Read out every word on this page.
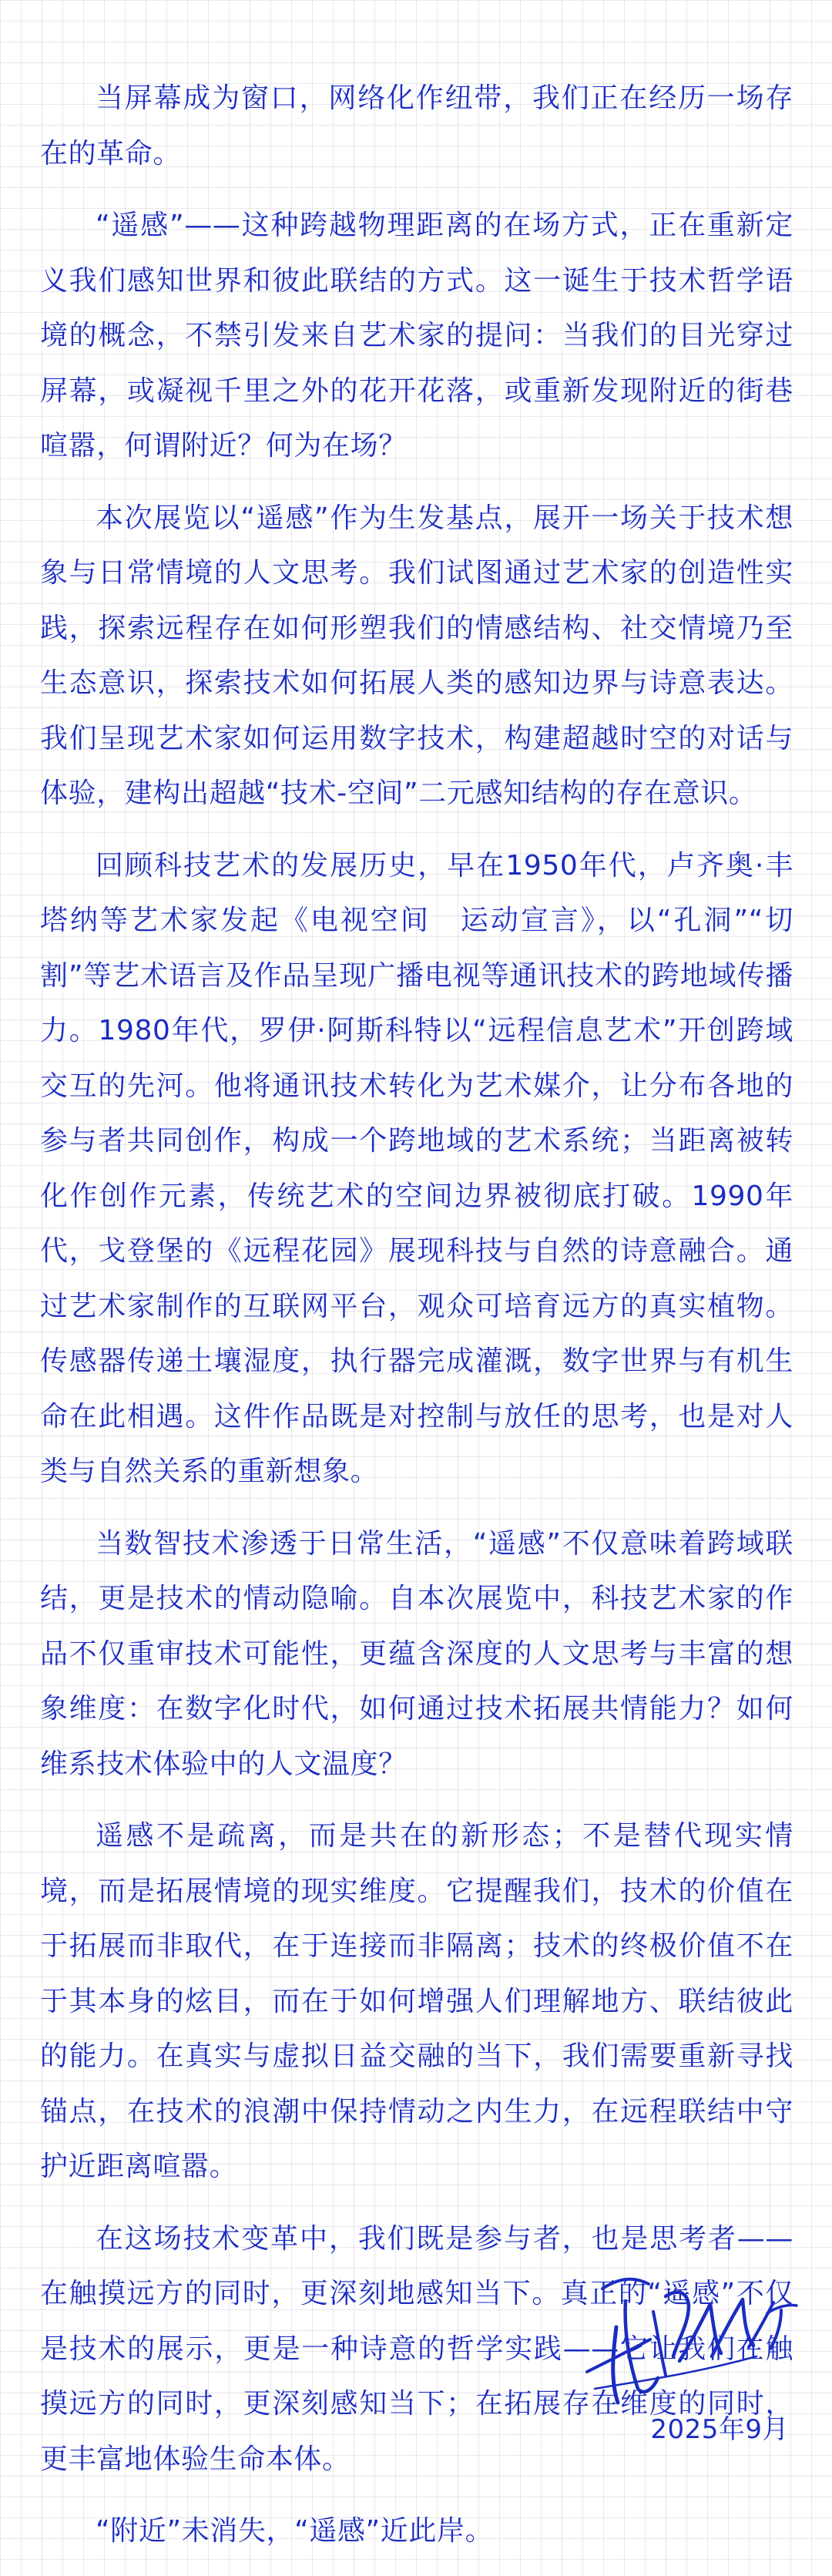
当屏幕成为窗口，网络化作纽带，我们正在经历一场存在的革命。

“遥感”——这种跨越物理距离的在场方式，正在重新定义我们感知世界和彼此联结的方式。这一诞生于技术哲学语境的概念，不禁引发来自艺术家的提问：当我们的目光穿过屏幕，或凝视千里之外的花开花落，或重新发现附近的街巷喧嚣，何谓附近？何为在场？

本次展览以“遥感”作为生发基点，展开一场关于技术想象与日常情境的人文思考。我们试图通过艺术家的创造性实践，探索远程存在如何形塑我们的情感结构、社交情境乃至生态意识，探索技术如何拓展人类的感知边界与诗意表达。我们呈现艺术家如何运用数字技术，构建超越时空的对话与体验，建构出超越“技术-空间”二元感知结构的存在意识。

回顾科技艺术的发展历史，早在1950年代，卢齐奥·丰塔纳等艺术家发起《电视空间　运动宣言》，以“孔洞”“切割”等艺术语言及作品呈现广播电视等通讯技术的跨地域传播力。1980年代，罗伊·阿斯科特以“远程信息艺术”开创跨域交互的先河。他将通讯技术转化为艺术媒介，让分布各地的参与者共同创作，构成一个跨地域的艺术系统；当距离被转化作创作元素，传统艺术的空间边界被彻底打破。1990年代，戈登堡的《远程花园》展现科技与自然的诗意融合。通过艺术家制作的互联网平台，观众可培育远方的真实植物。传感器传递土壤湿度，执行器完成灌溉，数字世界与有机生命在此相遇。这件作品既是对控制与放任的思考，也是对人类与自然关系的重新想象。

当数智技术渗透于日常生活，“遥感”不仅意味着跨域联结，更是技术的情动隐喻。自本次展览中，科技艺术家的作品不仅重审技术可能性，更蕴含深度的人文思考与丰富的想象维度：在数字化时代，如何通过技术拓展共情能力？如何维系技术体验中的人文温度？

遥感不是疏离，而是共在的新形态；不是替代现实情境，而是拓展情境的现实维度。它提醒我们，技术的价值在于拓展而非取代，在于连接而非隔离；技术的终极价值不在于其本身的炫目，而在于如何增强人们理解地方、联结彼此的能力。在真实与虚拟日益交融的当下，我们需要重新寻找锚点，在技术的浪潮中保持情动之内生力，在远程联结中守护近距离喧嚣。

在这场技术变革中，我们既是参与者，也是思考者——在触摸远方的同时，更深刻地感知当下。真正的“遥感”不仅是技术的展示，更是一种诗意的哲学实践——它让我们在触摸远方的同时，更深刻感知当下；在拓展存在维度的同时，更丰富地体验生命本体。

“附近”未消失，“遥感”近此岸。

2025年9月
